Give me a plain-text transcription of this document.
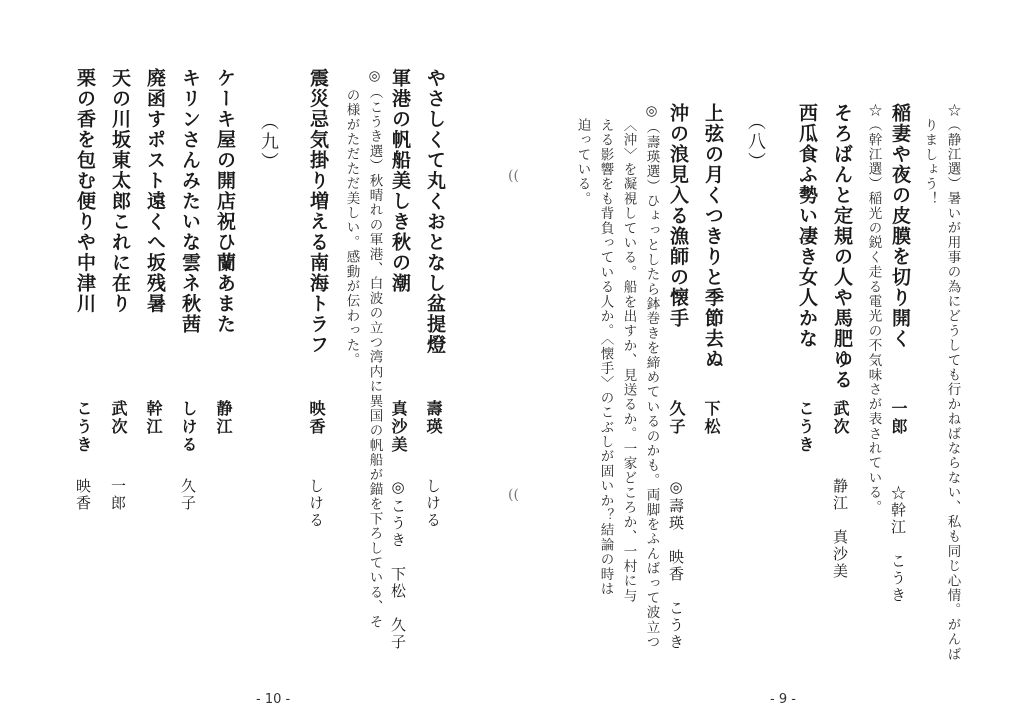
☆（静江選）暑いが用事の為にどうしても行かねばならない、私も同じ心情。がんば
りましょう！
稲妻や夜の皮膜を切り開く
一郎
☆幹江　こうき
☆（幹江選）稲光の鋭く走る電光の不気味さが表されている。
そろばんと定規の人や馬肥ゆる
武次
静江　真沙美
西瓜食ふ勢い凄き女人かな
こうき
（八）
上弦の月くつきりと季節去ぬ
下松
沖の浪見入る漁師の懐手
久子
◎壽瑛　映香　こうき
◎（壽瑛選）ひょっとしたら鉢巻きを締めているのかも。両脚をふんばって波立つ
〈沖〉を凝視している。船を出すか、見送るか。一家どころか、一村に与
える影響をも背負っている人か。〈懐手〉のこぶしが固いか？結論の時は
迫っている。
- 9 -
((
((
やさしくて丸くおとなし盆提燈
壽瑛
しける
軍港の帆船美しき秋の潮
真沙美
◎こうき　下松　久子
◎（こうき選）秋晴れの軍港、白波の立つ湾内に異国の帆船が錨を下ろしている、そ
の様がただただ美しい。感動が伝わった。
震災忌気掛り増える南海トラフ
映香
しける
（九）
ケーキ屋の開店祝ひ蘭あまた
静江
キリンさんみたいな雲ネ秋茜
しける
久子
廃函すポスト遠くへ坂残暑
幹江
天の川坂東太郎これに在り
武次
一郎
栗の香を包む便りや中津川
こうき
映香
- 10 -
